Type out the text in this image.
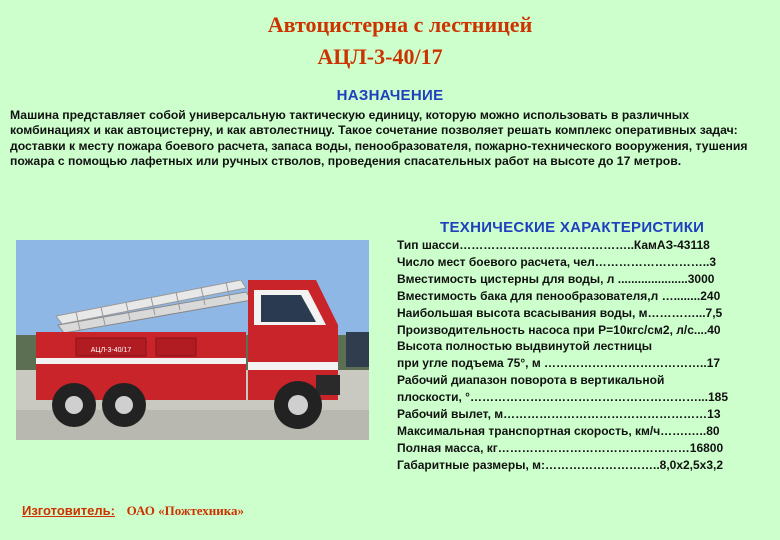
Автоцистерна с лестницей
АЦЛ-3-40/17
НАЗНАЧЕНИЕ

Машина представляет собой универсальную тактическую единицу, которую можно использовать в различных комбинациях и как автоцистерну, и как автолестницу. Такое сочетание позволяет решать комплекс оперативных задач: доставки к месту пожара боевого расчета, запаса воды, пенообразователя, пожарно-технического вооружения, тушения пожара с помощью лафетных или ручных стволов, проведения спасательных работ на высоте до 17 метров.

АЦЛ-3-40/17
ТЕХНИЧЕСКИЕ ХАРАКТЕРИСТИКИ
Тип шасси……………………………………..КамАЗ-43118
Число мест боевого расчета, чел………………………..3
Вместимость цистерны для воды, л .....................3000
Вместимость бака для пенообразователя,л …........240
Наибольшая высота всасывания воды, м…………...7,5
Производительность насоса при Р=10кгс/см2, л/с....40
Высота полностью выдвинутой лестницы
при угле подъема 75°, м …………………………………..17
Рабочий диапазон поворота в вертикальной
плоскости, °…………………………………………………...185
Рабочий вылет, м……………………………………………13
Максимальная транспортная скорость, км/ч…….…..80
Полная масса, кг…………………………………………16800
Габаритные размеры, м:………………………..8,0х2,5х3,2
Изготовитель: ОАО «Пожтехника»
